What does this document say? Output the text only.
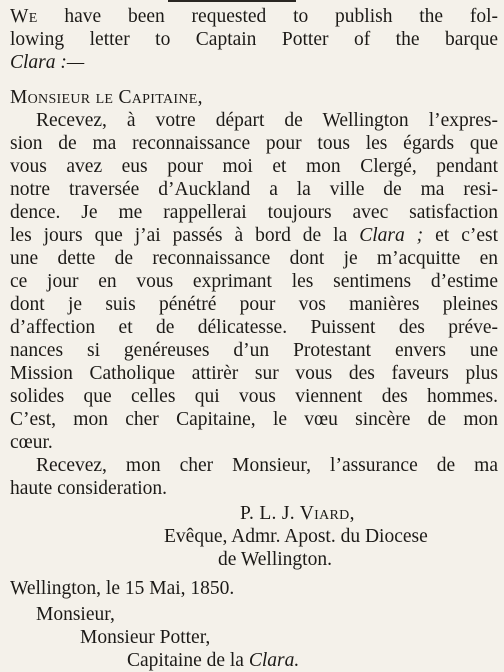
We have been requested to publish the fol-
lowing letter to Captain Potter of the barque
Clara :—
Monsieur le Capitaine,
Recevez, à votre départ de Wellington l’expres-
sion de ma reconnaissance pour tous les égards que
vous avez eus pour moi et mon Clergé, pendant
notre traversée d’Auckland a la ville de ma resi-
dence. Je me rappellerai toujours avec satisfaction
les jours que j’ai passés à bord de la Clara ; et c’est
une dette de reconnaissance dont je m’acquitte en
ce jour en vous exprimant les sentimens d’estime
dont je suis pénétré pour vos manières pleines
d’affection et de délicatesse. Puissent des préve-
nances si genéreuses d’un Protestant envers une
Mission Catholique attirèr sur vous des faveurs plus
solides que celles qui vous viennent des hommes.
C’est, mon cher Capitaine, le vœu sincère de mon
cœur.
Recevez, mon cher Monsieur, l’assurance de ma
haute consideration.
P. L. J. Viard,
Evêque, Admr. Apost. du Diocese
de Wellington.
Wellington, le 15 Mai, 1850.
Monsieur,
Monsieur Potter,
Capitaine de la Clara.
